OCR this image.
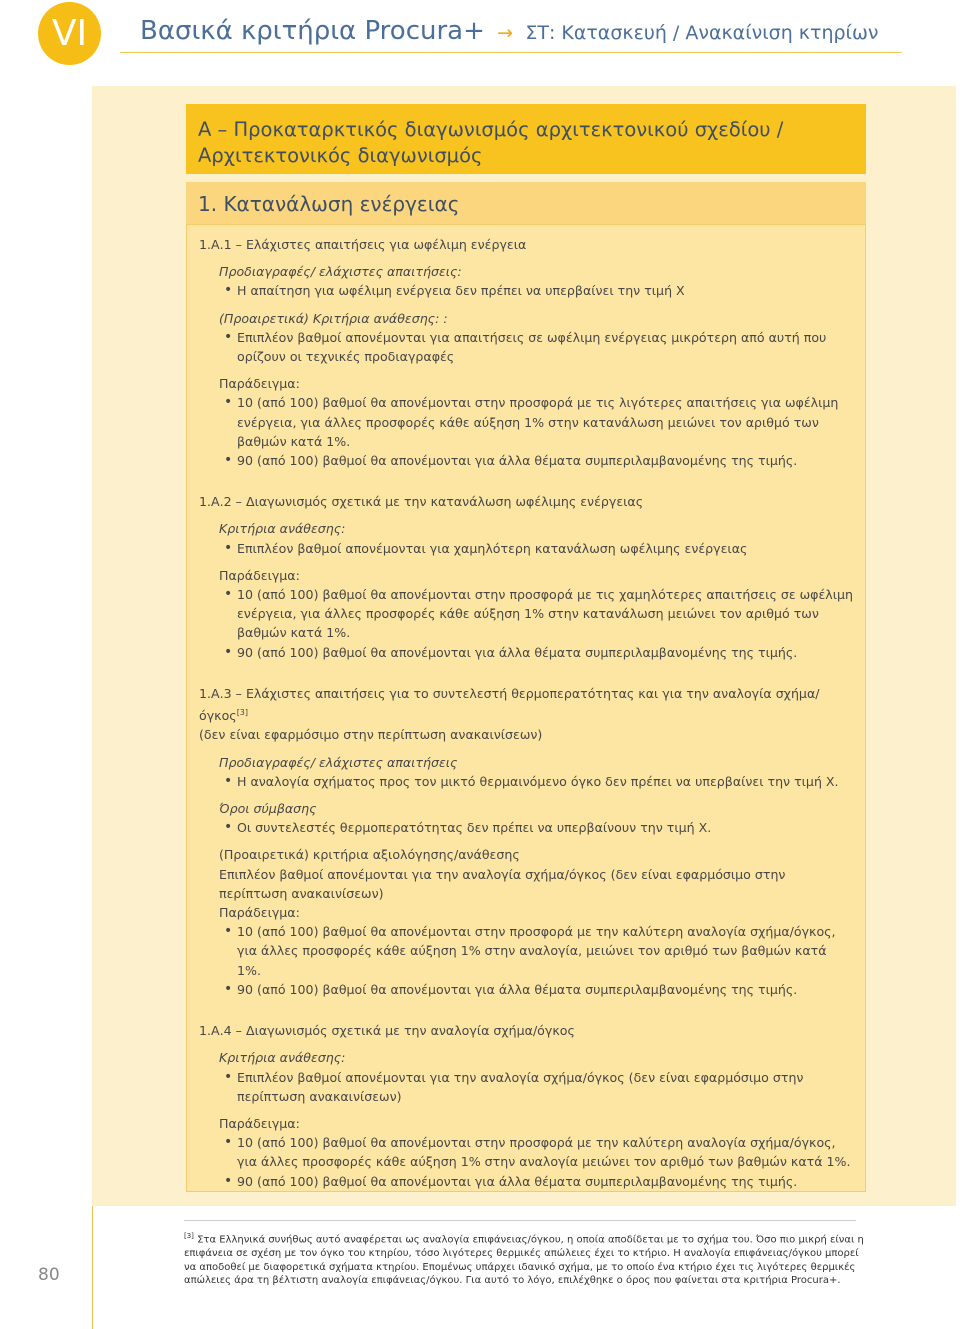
VI	Βασικά κριτήρια Procura+ → ΣΤ: Κατασκευή / Ανακαίνιση κτηρίων
Α – Προκαταρκτικός διαγωνισμός αρχιτεκτονικού σχεδίου /
Αρχιτεκτονικός διαγωνισμός
1. Κατανάλωση ενέργειας
1.Α.1 – Ελάχιστες απαιτήσεις για ωφέλιμη ενέργεια
Προδιαγραφές/ ελάχιστες απαιτήσεις:
• Η απαίτηση για ωφέλιμη ενέργεια δεν πρέπει να υπερβαίνει την τιμή Χ
(Προαιρετικά) Κριτήρια ανάθεσης: :
• Επιπλέον βαθμοί απονέμονται για απαιτήσεις σε ωφέλιμη ενέργειας μικρότερη από αυτή που ορίζουν οι τεχνικές προδιαγραφές
Παράδειγμα:
• 10 (από 100) βαθμοί θα απονέμονται στην προσφορά με τις λιγότερες απαιτήσεις για ωφέλιμη ενέργεια, για άλλες προσφορές κάθε αύξηση 1% στην κατανάλωση μειώνει τον αριθμό των βαθμών κατά 1%.
• 90 (από 100) βαθμοί θα απονέμονται για άλλα θέματα συμπεριλαμβανομένης της τιμής.
1.Α.2 – Διαγωνισμός σχετικά με την κατανάλωση ωφέλιμης ενέργειας
Κριτήρια ανάθεσης:
• Επιπλέον βαθμοί απονέμονται για χαμηλότερη κατανάλωση ωφέλιμης ενέργειας
Παράδειγμα:
• 10 (από 100) βαθμοί θα απονέμονται στην προσφορά με τις χαμηλότερες απαιτήσεις σε ωφέλιμη ενέργεια, για άλλες προσφορές κάθε αύξηση 1% στην κατανάλωση μειώνει τον αριθμό των βαθμών κατά 1%.
• 90 (από 100) βαθμοί θα απονέμονται για άλλα θέματα συμπεριλαμβανομένης της τιμής.
1.Α.3 – Ελάχιστες απαιτήσεις για το συντελεστή θερμοπερατότητας και για την αναλογία σχήμα/όγκος[3]
(δεν είναι εφαρμόσιμο στην περίπτωση ανακαινίσεων)
Προδιαγραφές/ ελάχιστες απαιτήσεις
• Η αναλογία σχήματος προς τον μικτό θερμαινόμενο όγκο δεν πρέπει να υπερβαίνει την τιμή Χ.
Όροι σύμβασης
• Οι συντελεστές θερμοπερατότητας δεν πρέπει να υπερβαίνουν την τιμή Χ.
(Προαιρετικά) κριτήρια αξιολόγησης/ανάθεσης
Επιπλέον βαθμοί απονέμονται για την αναλογία σχήμα/όγκος (δεν είναι εφαρμόσιμο στην περίπτωση ανακαινίσεων)
Παράδειγμα:
• 10 (από 100) βαθμοί θα απονέμονται στην προσφορά με την καλύτερη αναλογία σχήμα/όγκος, για άλλες προσφορές κάθε αύξηση 1% στην αναλογία, μειώνει τον αριθμό των βαθμών κατά 1%.
• 90 (από 100) βαθμοί θα απονέμονται για άλλα θέματα συμπεριλαμβανομένης της τιμής.
1.Α.4 – Διαγωνισμός σχετικά με την αναλογία σχήμα/όγκος
Κριτήρια ανάθεσης:
• Επιπλέον βαθμοί απονέμονται για την αναλογία σχήμα/όγκος (δεν είναι εφαρμόσιμο στην περίπτωση ανακαινίσεων)
Παράδειγμα:
• 10 (από 100) βαθμοί θα απονέμονται στην προσφορά με την καλύτερη αναλογία σχήμα/όγκος, για άλλες προσφορές κάθε αύξηση 1% στην αναλογία μειώνει τον αριθμό των βαθμών κατά 1%.
• 90 (από 100) βαθμοί θα απονέμονται για άλλα θέματα συμπεριλαμβανομένης της τιμής.
80
[3] Στα Ελληνικά συνήθως αυτό αναφέρεται ως αναλογία επιφάνειας/όγκου, η οποία αποδίδεται με το σχήμα του. Όσο πιο μικρή είναι η επιφάνεια σε σχέση με τον όγκο του κτηρίου, τόσο λιγότερες θερμικές απώλειες έχει το κτήριο. Η αναλογία επιφάνειας/όγκου μπορεί να αποδοθεί με διαφορετικά σχήματα κτηρίου. Επομένως υπάρχει ιδανικό σχήμα, με το οποίο ένα κτήριο έχει τις λιγότερες θερμικές απώλειες άρα τη βέλτιστη αναλογία επιφάνειας/όγκου. Για αυτό το λόγο, επιλέχθηκε ο όρος που φαίνεται στα κριτήρια Procura+.
